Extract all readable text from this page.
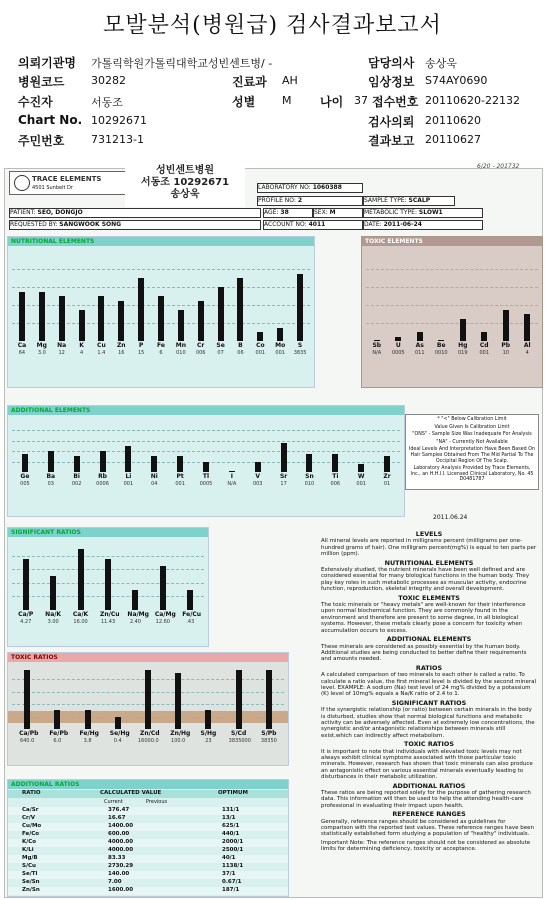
모발분석(병원급) 검사결과보고서
의뢰기관명 가톨릭학원가톨릭대학교성빈센트병/ -	담당의사 송상욱
병원코드 30282	진료과 AH	임상정보 S74AY0690
수진자	서동조	성별 M 나이 37 접수번호 20110620-22132
Chart No. 10292671	검사의뢰 20110620
주민번호 731213-1	결과보고 20110627
TRACE ELEMENTS
4501 Sunbelt Dr
성빈센트병원
서동조 10292671
송상욱
6/20 - 201732
LABORATORY NO: 1060388
PROFILE NO: 2	SAMPLE TYPE: SCALP
PATIENT: SEO, DONGJO	AGE: 38	SEX: M	METABOLIC TYPE: SLOW1
REQUESTED BY: SANGWOOK SONG	ACCOUNT NO: 4011	DATE: 2011-06-24
NUTRITIONAL ELEMENTS
Ca
64
Mg
3.0
Na
12
K
4
Cu
1.4
Zn
16
P
15
Fe
6
Mn
010
Cr
006
Se
07
B
06
Co
001
Mo
001
S
3835
TOXIC ELEMENTS
Sb
N/A
U
0005
As
011
Be
0010
Hg
019
Cd
001
Pb
10
Al
4
ADDITIONAL ELEMENTS
Ge
005
Ba
03
Bi
002
Rb
0006
Li
001
Ni
04
Pt
001
Tl
0005
I
N/A
V
003
Sr
17
Sn
010
Ti
006
W
001
Zr
01
* "<" Below Calibration Limit
Value Given Is Calibration Limit
"ONS" - Sample Size Was Inadequate For Analysis
"NA" - Currently Not Available
Ideal Levels And Interpretation Have Been Based On Hair Samples Obtained From The Mid Partial To The Occipital Region Of The Scalp.
Laboratory Analysis Provided by Trace Elements, Inc., an H.H.I.I. Licensed Clinical Laboratory, No. 45 D0481787
2011.06.24
SIGNIFICANT RATIOS
Ca/P
4.27
Na/K
3.00
Ca/K
16.00
Zn/Cu
11.43
Na/Mg
2.40
Ca/Mg
12.60
Fe/Cu
.43
TOXIC RATIOS
Ca/Pb
640.0
Fe/Pb
6.0
Fe/Hg
3.8
Se/Hg
0.4
Zn/Cd
16000.0
Zn/Hg
100.0
S/Hg
23
S/Cd
3835000
S/Pb
38350
ADDITIONAL RATIOS
RATIO	CALCULATED VALUE	OPTIMUM
Current	Previous
Ca/Sr	376.47	131/1
Cr/V	16.67	13/1
Cu/Mo	1400.00	625/1
Fe/Co	600.00	440/1
K/Co	4000.00	2000/1
K/Li	4000.00	2500/1
Mg/B	83.33	40/1
S/Cu	2730.29	1138/1
Se/Tl	140.00	37/1
Se/Sn	7.00	0.67/1
Zn/Sn	1600.00	187/1
LEVELS

All mineral levels are reported in milligrams percent (milligrams per one-hundred grams of hair). One milligram percent(mg%) is equal to ten parts per million (ppm).

NUTRITIONAL ELEMENTS

Extensively studied, the nutrient minerals have been well defined and are considered essential for many biological functions in the human body. They play key roles in such metabolic processes as muscular activity, endocrine function, reproduction, skeletal integrity and overall development.

TOXIC ELEMENTS

The toxic minerals or "heavy metals" are well-known for their interference upon normal biochemical function. They are commonly found in the environment and therefore are present to some degree, in all biological systems. However, these metals clearly pose a concern for toxicity when accumulation occurs to excess.

ADDITIONAL ELEMENTS

These minerals are considered as possibly essential by the human body. Additional studies are being conducted to better define their requirements and amounts needed.

RATIOS

A calculated comparison of two minerals to each other is called a ratio. To calculate a ratio value, the first mineral level is divided by the second mineral level. EXAMPLE: A sodium (Na) test level of 24 mg% divided by a potassium (K) level of 10mg% equals a Na/K ratio of 2.4 to 1.

SIGNIFICANT RATIOS

If the synergistic relationship (or ratio) between certain minerals in the body is disturbed, studies show that normal biological functions and metabolic activity can be adversely affected. Even at extremely low concentrations, the synergistic and/or antagonistic relationships between minerals still exist,which can indirectly affect metabolism.

TOXIC RATIOS

It is important to note that individuals with elevated toxic levels may not always exhibit clinical symptoms associated with those particular toxic minerals. However, research has shown that toxic minerals can also produce an antagonistic effect on various essential minerals eventually leading to disturbances in their metabolic utilization.

ADDITIONAL RATIOS

These ratios are being reported solely for the purpose of gathering research data. This information will then be used to help the attending health-care professional in evaluating their impact upon health.

REFERENCE RANGES

Generally, reference ranges should be considered as guidelines for comparison with the reported test values. These reference ranges have been statistically established form studying a population of "healthy" individuals.

Important Note: The reference ranges should not be considered as absolute limits for determining deficiency, toxicity or acceptance.
